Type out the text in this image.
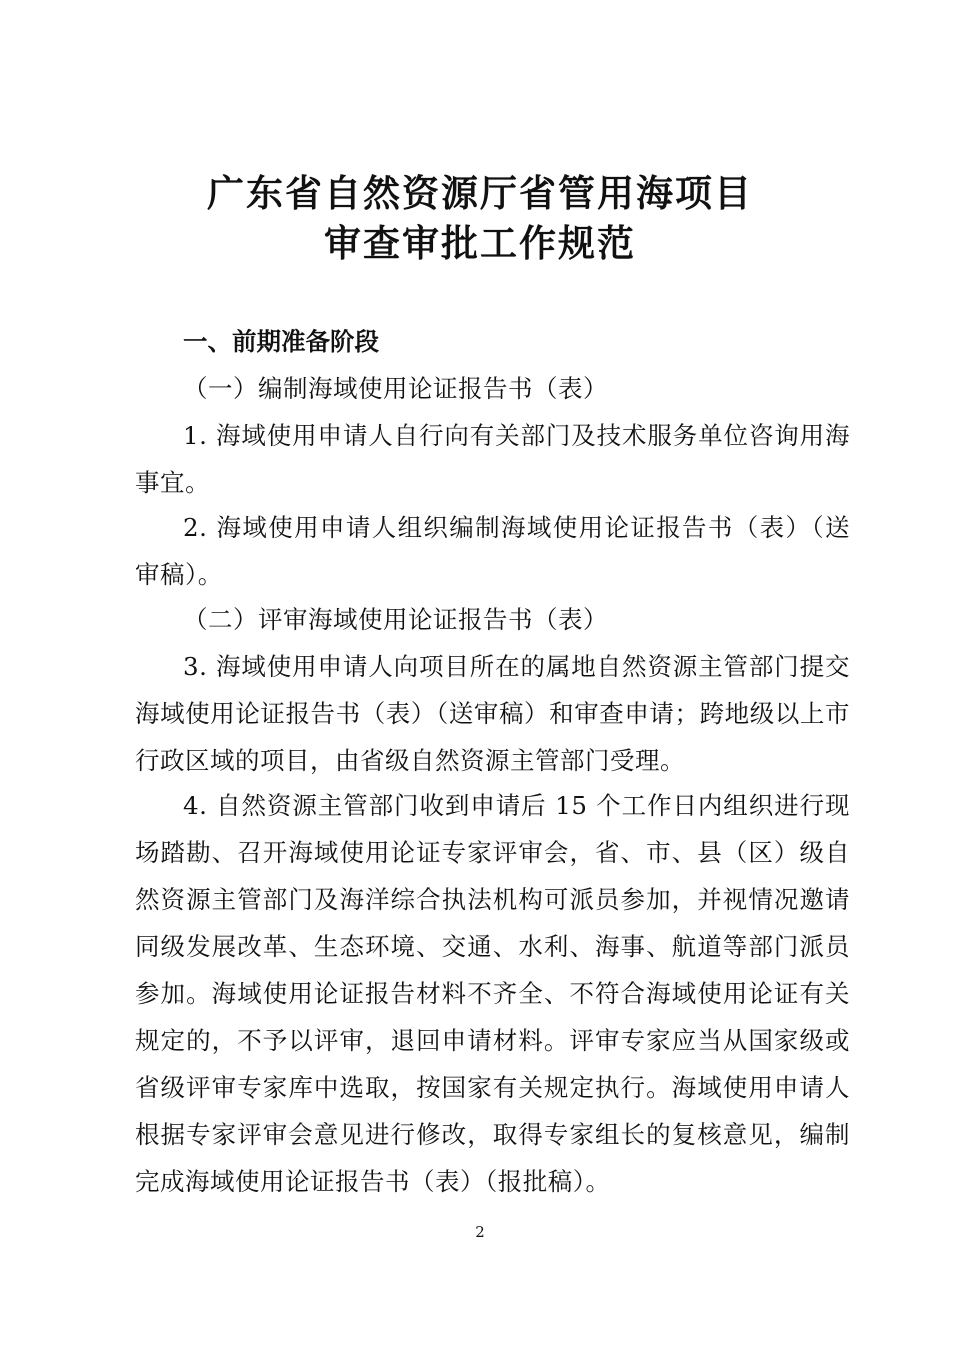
广东省自然资源厅省管用海项目
审查审批工作规范
一、前期准备阶段
（一）编制海域使用论证报告书（表）
1. 海域使用申请人自行向有关部门及技术服务单位咨询用海事宜。
2. 海域使用申请人组织编制海域使用论证报告书（表）（送审稿）。
（二）评审海域使用论证报告书（表）
3. 海域使用申请人向项目所在的属地自然资源主管部门提交海域使用论证报告书（表）（送审稿）和审查申请；跨地级以上市行政区域的项目，由省级自然资源主管部门受理。
4. 自然资源主管部门收到申请后 15 个工作日内组织进行现场踏勘、召开海域使用论证专家评审会，省、市、县（区）级自然资源主管部门及海洋综合执法机构可派员参加，并视情况邀请同级发展改革、生态环境、交通、水利、海事、航道等部门派员参加。海域使用论证报告材料不齐全、不符合海域使用论证有关规定的，不予以评审，退回申请材料。评审专家应当从国家级或省级评审专家库中选取，按国家有关规定执行。海域使用申请人根据专家评审会意见进行修改，取得专家组长的复核意见，编制完成海域使用论证报告书（表）（报批稿）。
2
